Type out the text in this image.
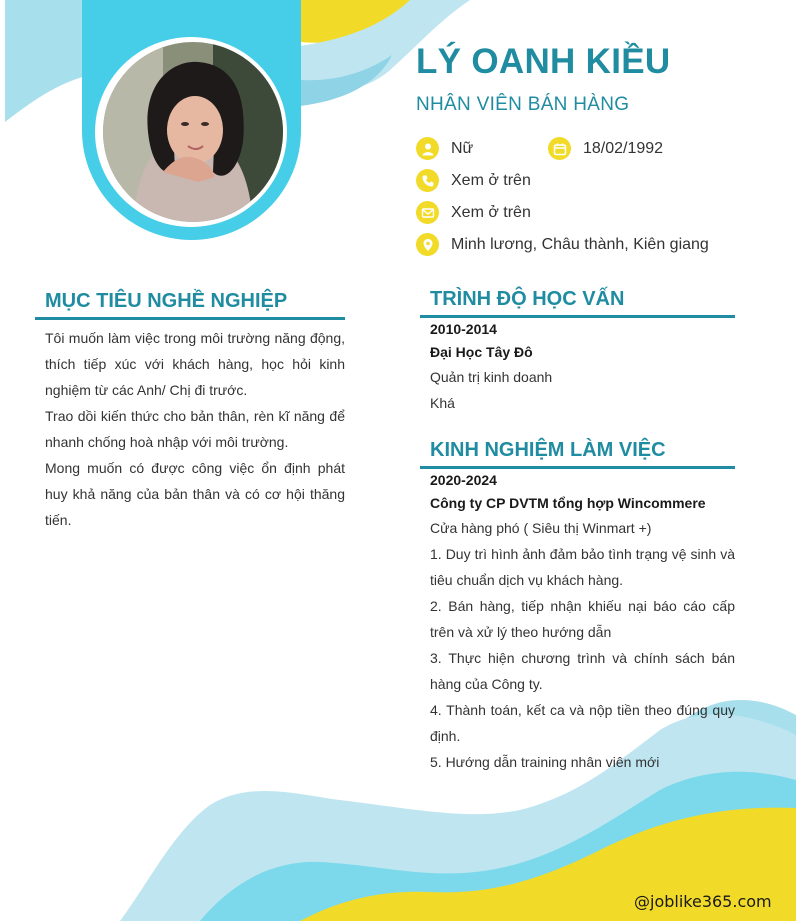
LÝ OANH KIỀU
NHÂN VIÊN BÁN HÀNG
Nữ	18/02/1992
Xem ở trên
Xem ở trên
Minh lương, Châu thành, Kiên giang
MỤC TIÊU NGHỀ NGHIỆP

Tôi muốn làm việc trong môi trường năng động, thích tiếp xúc với khách hàng, học hỏi kinh nghiệm từ các Anh/ Chị đi trước.

Trao dồi kiến thức cho bản thân, rèn kĩ năng để nhanh chống hoà nhập với môi trường.

Mong muốn có được công việc ổn định phát huy khả năng của bản thân và có cơ hội thăng tiến.

TRÌNH ĐỘ HỌC VẤN
2010-2014
Đại Học Tây Đô
Quản trị kinh doanh
Khá
KINH NGHIỆM LÀM VIỆC
2020-2024
Công ty CP DVTM tổng hợp Wincommere
Cửa hàng phó ( Siêu thị Winmart +)

1. Duy trì hình ảnh đảm bảo tình trạng vệ sinh và tiêu chuẩn dịch vụ khách hàng.

2. Bán hàng, tiếp nhận khiếu nại báo cáo cấp trên và xử lý theo hướng dẫn

3. Thực hiện chương trình và chính sách bán hàng của Công ty.

4. Thành toán, kết ca và nộp tiền theo đúng quy định.

5. Hướng dẫn training nhân viên mới

@joblike365.com
